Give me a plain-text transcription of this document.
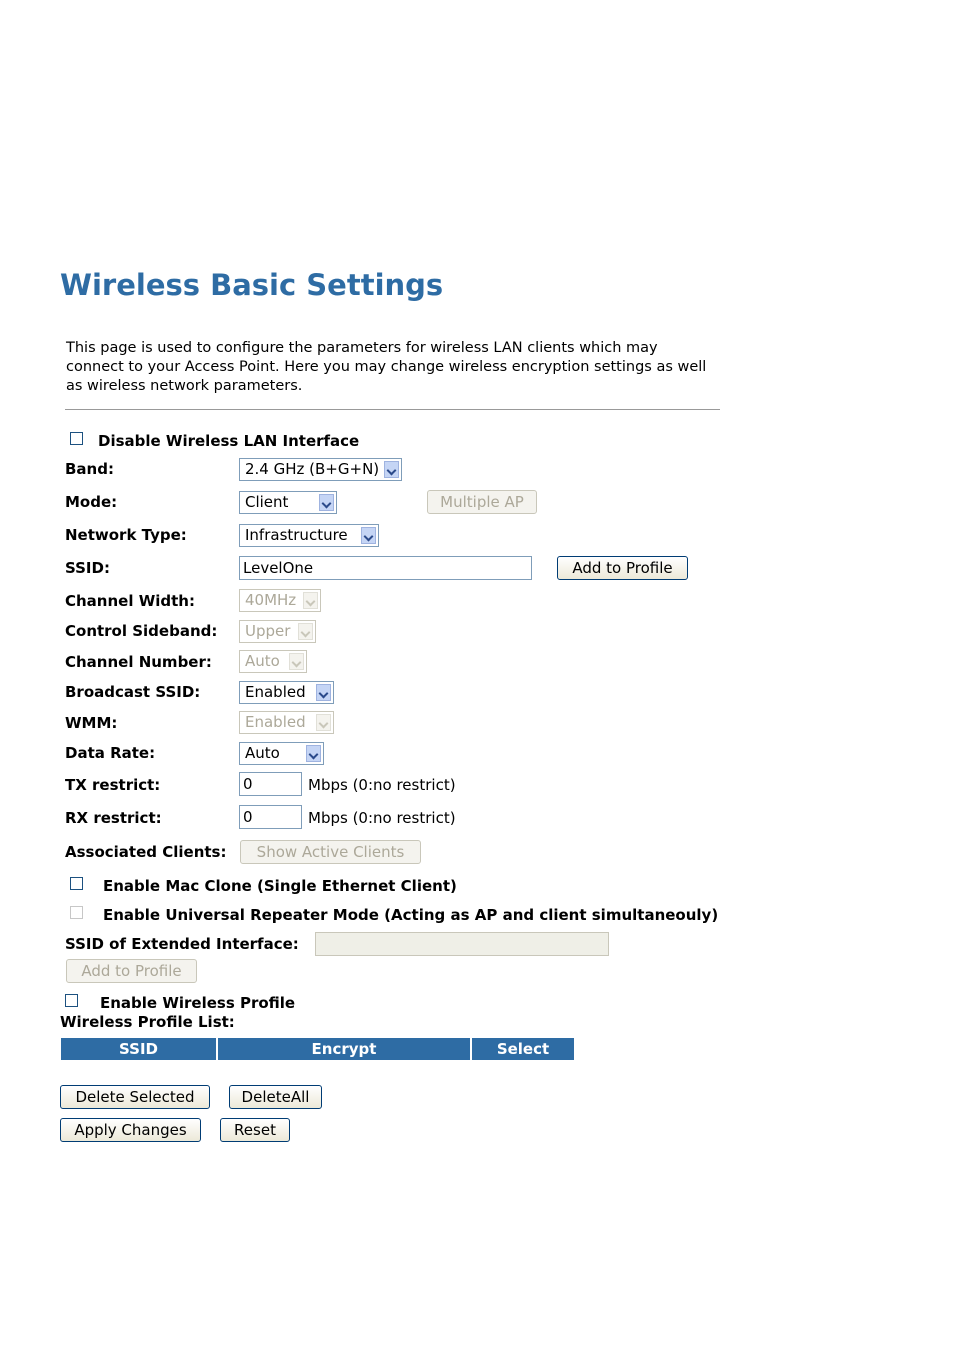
Wireless Basic Settings
This page is used to configure the parameters for wireless LAN clients which may connect to your Access Point. Here you may change wireless encryption settings as well as wireless network parameters.
Disable Wireless LAN Interface
Band:	2.4 GHz (B+G+N)
Mode:	Client	Multiple AP
Network Type:	Infrastructure
SSID:	LevelOne	Add to Profile
Channel Width:	40MHz
Control Sideband:	Upper
Channel Number:	Auto
Broadcast SSID:	Enabled
WMM:	Enabled
Data Rate:	Auto
TX restrict:	0	Mbps (0:no restrict)
RX restrict:	0	Mbps (0:no restrict)
Associated Clients:	Show Active Clients
Enable Mac Clone (Single Ethernet Client)
Enable Universal Repeater Mode (Acting as AP and client simultaneouly)
SSID of Extended Interface:
Add to Profile
Enable Wireless Profile
Wireless Profile List:
SSID	Encrypt	Select
Delete Selected	DeleteAll
Apply Changes	Reset
